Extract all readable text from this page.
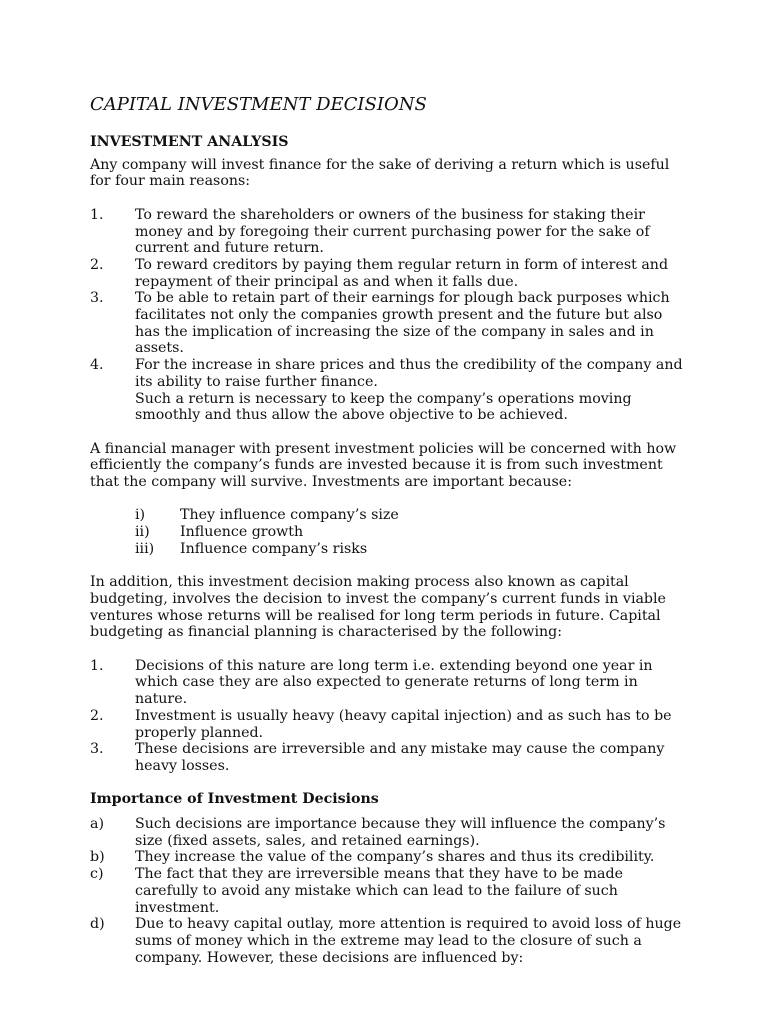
CAPITAL INVESTMENT DECISIONS
INVESTMENT ANALYSIS

Any company will invest finance for the sake of deriving a return which is useful for four main reasons:

1.	To reward the shareholders or owners of the business for staking their money and by foregoing their current purchasing power for the sake of current and future return.
2.	To reward creditors by paying them regular return in form of interest and repayment of their principal as and when it falls due.
3.	To be able to retain part of their earnings for plough back purposes which facilitates not only the companies growth present and the future but also has the implication of increasing the size of the company in sales and in assets.
4.	For the increase in share prices and thus the credibility of the company and its ability to raise further finance.

Such a return is necessary to keep the company’s operations moving smoothly and thus allow the above objective to be achieved.

A financial manager with present investment policies will be concerned with how efficiently the company’s funds are invested because it is from such investment that the company will survive. Investments are important because:

i)	They influence company’s size
ii)	Influence growth
iii)	Influence company’s risks

In addition, this investment decision making process also known as capital budgeting, involves the decision to invest the company’s current funds in viable ventures whose returns will be realised for long term periods in future. Capital budgeting as financial planning is characterised by the following:

1.	Decisions of this nature are long term i.e. extending beyond one year in which case they are also expected to generate returns of long term in nature.
2.	Investment is usually heavy (heavy capital injection) and as such has to be properly planned.
3.	These decisions are irreversible and any mistake may cause the company heavy losses.
Importance of Investment Decisions
a)	Such decisions are importance because they will influence the company’s size (fixed assets, sales, and retained earnings).
b)	They increase the value of the company’s shares and thus its credibility.
c)	The fact that they are irreversible means that they have to be made carefully to avoid any mistake which can lead to the failure of such investment.
d)	Due to heavy capital outlay, more attention is required to avoid loss of huge sums of money which in the extreme may lead to the closure of such a company. However, these decisions are influenced by:
